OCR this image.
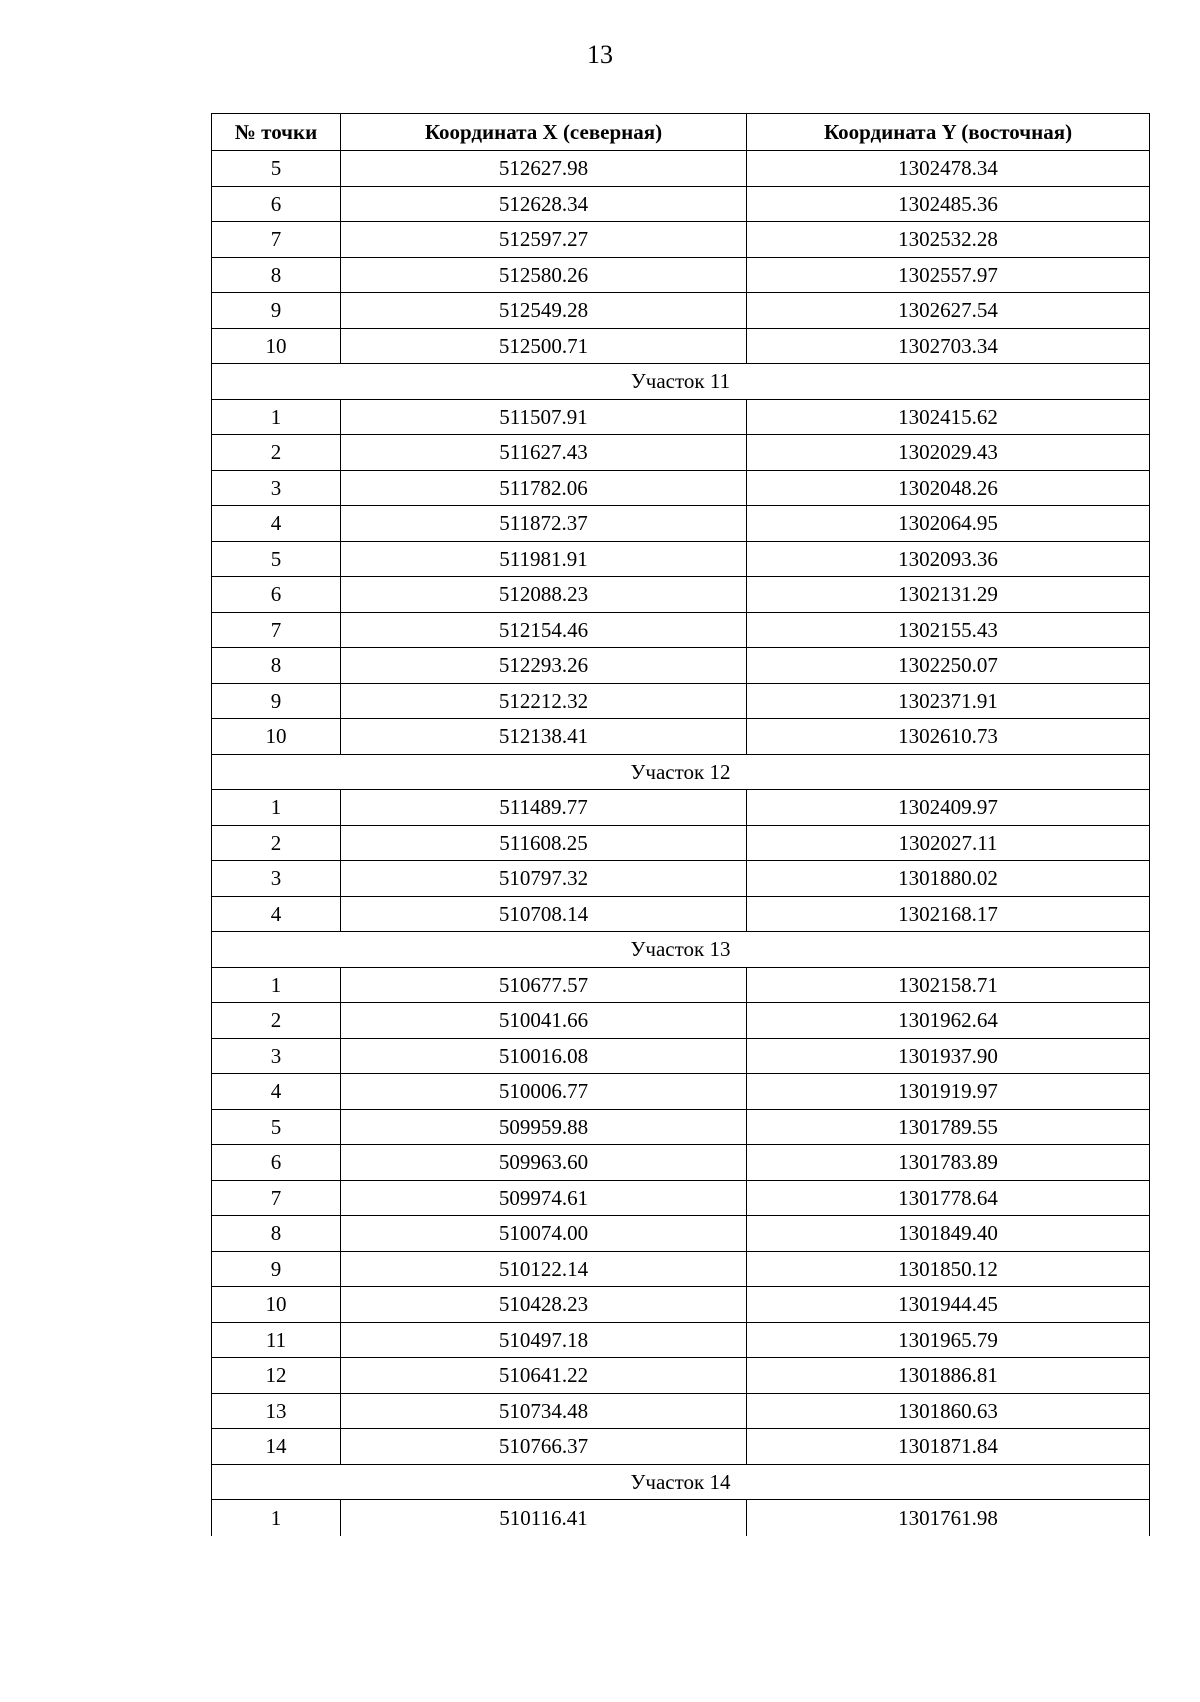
13
№ точки	Координата X (северная)	Координата Y (восточная)
5	512627.98	1302478.34
6	512628.34	1302485.36
7	512597.27	1302532.28
8	512580.26	1302557.97
9	512549.28	1302627.54
10	512500.71	1302703.34
Участок 11		
1	511507.91	1302415.62
2	511627.43	1302029.43
3	511782.06	1302048.26
4	511872.37	1302064.95
5	511981.91	1302093.36
6	512088.23	1302131.29
7	512154.46	1302155.43
8	512293.26	1302250.07
9	512212.32	1302371.91
10	512138.41	1302610.73
Участок 12		
1	511489.77	1302409.97
2	511608.25	1302027.11
3	510797.32	1301880.02
4	510708.14	1302168.17
Участок 13		
1	510677.57	1302158.71
2	510041.66	1301962.64
3	510016.08	1301937.90
4	510006.77	1301919.97
5	509959.88	1301789.55
6	509963.60	1301783.89
7	509974.61	1301778.64
8	510074.00	1301849.40
9	510122.14	1301850.12
10	510428.23	1301944.45
11	510497.18	1301965.79
12	510641.22	1301886.81
13	510734.48	1301860.63
14	510766.37	1301871.84
Участок 14		
1	510116.41	1301761.98
